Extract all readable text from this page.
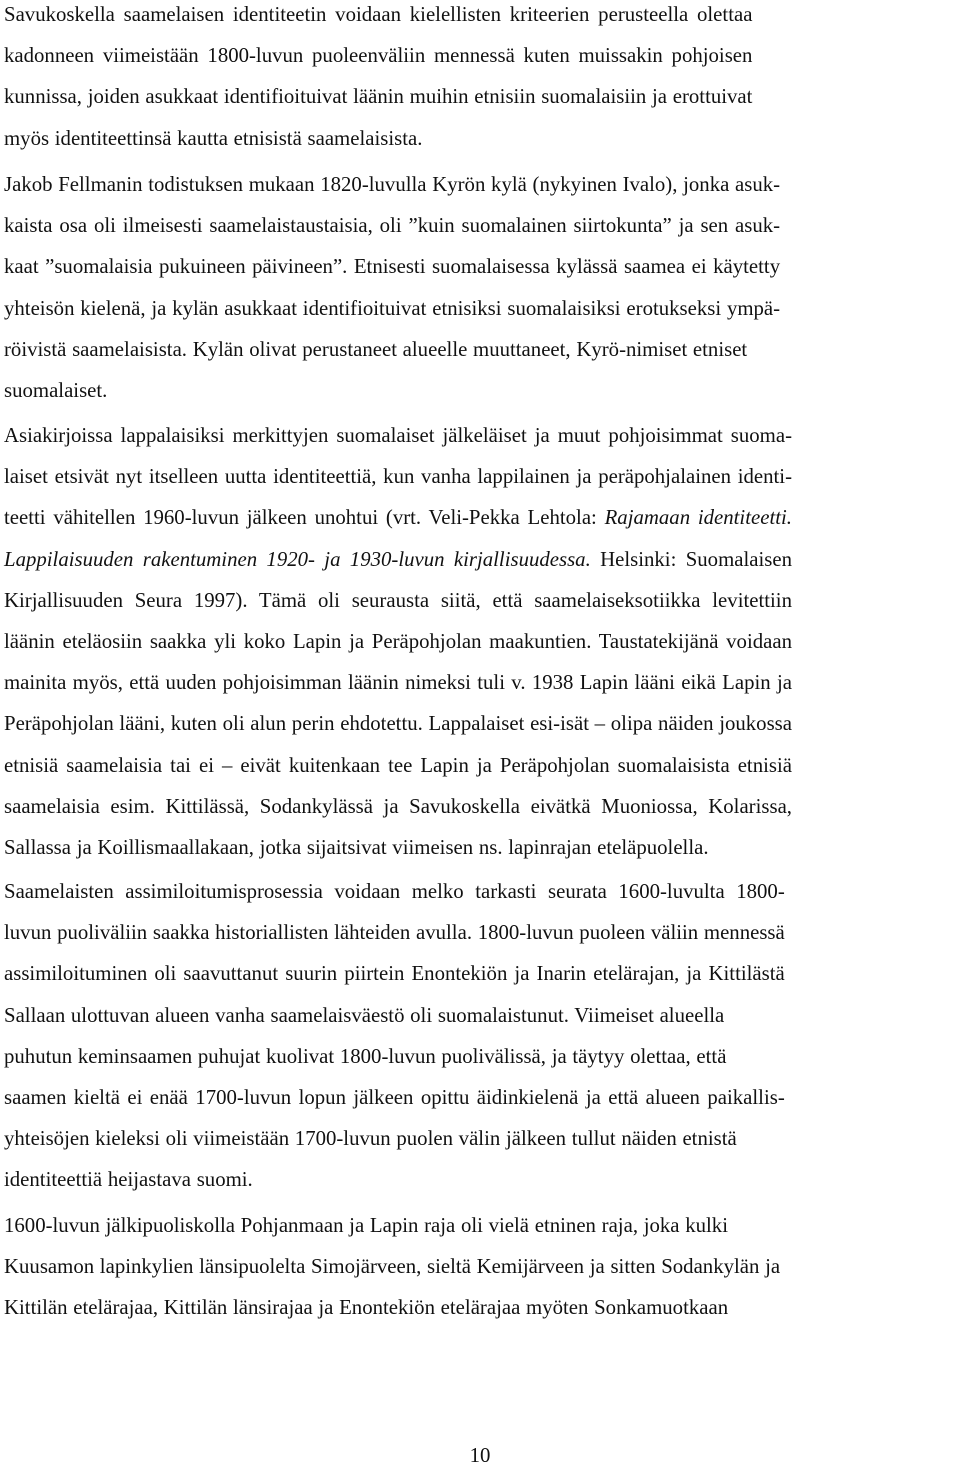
Savukoskella saamelaisen identiteetin voidaan kielellisten kriteerien perusteella olettaa
kadonneen viimeistään 1800-luvun puoleenväliin mennessä kuten muissakin pohjoisen
kunnissa, joiden asukkaat identifioituivat läänin muihin etnisiin suomalaisiin ja erottuivat
myös identiteettinsä kautta etnisistä saamelaisista.

Jakob Fellmanin todistuksen mukaan 1820-luvulla Kyrön kylä (nykyinen Ivalo), jonka asuk-
kaista osa oli ilmeisesti saamelaistaustaisia, oli ”kuin suomalainen siirtokunta” ja sen asuk-
kaat ”suomalaisia pukuineen päivineen”. Etnisesti suomalaisessa kylässä saamea ei käytetty
yhteisön kielenä, ja kylän asukkaat identifioituivat etnisiksi suomalaisiksi erotukseksi ympä-
röivistä saamelaisista. Kylän olivat perustaneet alueelle muuttaneet, Kyrö-nimiset etniset
suomalaiset.

Asiakirjoissa lappalaisiksi merkittyjen suomalaiset jälkeläiset ja muut pohjoisimmat suoma-
laiset etsivät nyt itselleen uutta identiteettiä, kun vanha lappilainen ja peräpohjalainen identi-
teetti vähitellen 1960-luvun jälkeen unohtui (vrt. Veli-Pekka Lehtola: Rajamaan identiteetti.
Lappilaisuuden rakentuminen 1920- ja 1930-luvun kirjallisuudessa. Helsinki: Suomalaisen
Kirjallisuuden Seura 1997). Tämä oli seurausta siitä, että saamelaiseksotiikka levitettiin
läänin eteläosiin saakka yli koko Lapin ja Peräpohjolan maakuntien. Taustatekijänä voidaan
mainita myös, että uuden pohjoisimman läänin nimeksi tuli v. 1938 Lapin lääni eikä Lapin ja
Peräpohjolan lääni, kuten oli alun perin ehdotettu. Lappalaiset esi-isät – olipa näiden joukossa
etnisiä saamelaisia tai ei – eivät kuitenkaan tee Lapin ja Peräpohjolan suomalaisista etnisiä
saamelaisia esim. Kittilässä, Sodankylässä ja Savukoskella eivätkä Muoniossa, Kolarissa,
Sallassa ja Koillismaallakaan, jotka sijaitsivat viimeisen ns. lapinrajan eteläpuolella.

Saamelaisten assimiloitumisprosessia voidaan melko tarkasti seurata 1600-luvulta 1800-
luvun puoliväliin saakka historiallisten lähteiden avulla. 1800-luvun puoleen väliin mennessä
assimiloituminen oli saavuttanut suurin piirtein Enontekiön ja Inarin etelärajan, ja Kittilästä
Sallaan ulottuvan alueen vanha saamelaisväestö oli suomalaistunut. Viimeiset alueella
puhutun keminsaamen puhujat kuolivat 1800-luvun puolivälissä, ja täytyy olettaa, että
saamen kieltä ei enää 1700-luvun lopun jälkeen opittu äidinkielenä ja että alueen paikallis-
yhteisöjen kieleksi oli viimeistään 1700-luvun puolen välin jälkeen tullut näiden etnistä
identiteettiä heijastava suomi.

1600-luvun jälkipuoliskolla Pohjanmaan ja Lapin raja oli vielä etninen raja, joka kulki
Kuusamon lapinkylien länsipuolelta Simojärveen, sieltä Kemijärveen ja sitten Sodankylän ja
Kittilän etelärajaa, Kittilän länsirajaa ja Enontekiön etelärajaa myöten Sonkamuotkaan

10
